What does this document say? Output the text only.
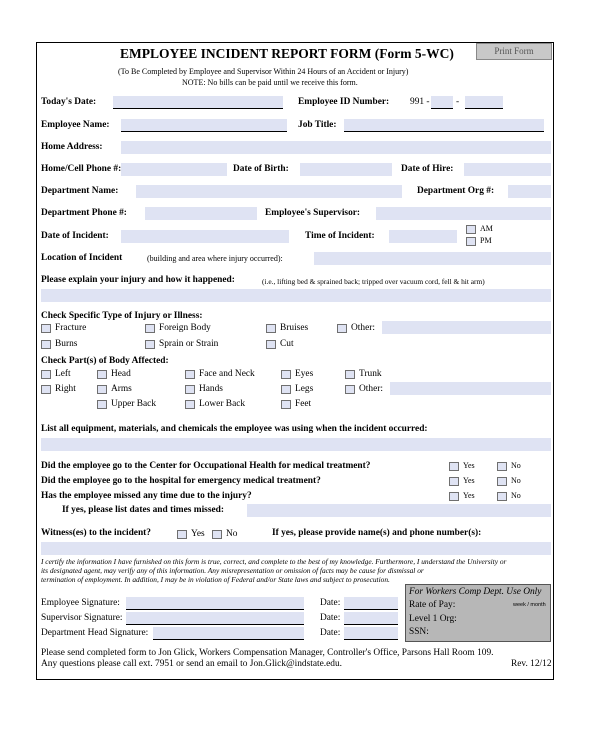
EMPLOYEE INCIDENT REPORT FORM (Form 5-WC)	Print Form
(To Be Completed by Employee and Supervisor Within 24 Hours of an Accident or Injury)
NOTE: No bills can be paid until we receive this form.
Today's Date:	Employee ID Number: 991 -	-
Employee Name:	Job Title:
Home Address:
Home/Cell Phone #:	Date of Birth:	Date of Hire:
Department Name:	Department Org #:
Department Phone #:	Employee's Supervisor:
Date of Incident:	Time of Incident:
AM
PM
Location of Incident	(building and area where injury occurred):
Please explain your injury and how it happened:	(i.e., lifting bed & sprained back; tripped over vacuum cord, fell & hit arm)
Check Specific Type of Injury or Illness:
Fracture	Foreign Body	Bruises	Other:
Burns	Sprain or Strain	Cut
Check Part(s) of Body Affected:
Left	Head	Face and Neck	Eyes	Trunk
Right	Arms	Hands	Legs	Other:
Upper Back	Lower Back	Feet
List all equipment, materials, and chemicals the employee was using when the incident occurred:
Did the employee go to the Center for Occupational Health for medical treatment?	Yes	No
Did the employee go to the hospital for emergency medical treatment?	Yes	No
Has the employee missed any time due to the injury?	Yes	No
If yes, please list dates and times missed:
Witness(es) to the incident?	Yes No	If yes, please provide name(s) and phone number(s):
I certify the information I have furnished on this form is true, correct, and complete to the best of my knowledge. Furthermore, I understand the University or
its designated agent, may verify any of this information. Any misrepresentation or omission of facts may be cause for dismissal or
termination of employment. In addition, I may be in violation of Federal and/or State laws and subject to prosecution.
Employee Signature:	Date:
Supervisor Signature:	Date:
Department Head Signature:	Date:
For Workers Comp Dept. Use Only
Rate of Pay:	week / month
Level 1 Org:
SSN:
Please send completed form to Jon Glick, Workers Compensation Manager, Controller's Office, Parsons Hall Room 109.
Any questions please call ext. 7951 or send an email to Jon.Glick@indstate.edu.	Rev. 12/12
